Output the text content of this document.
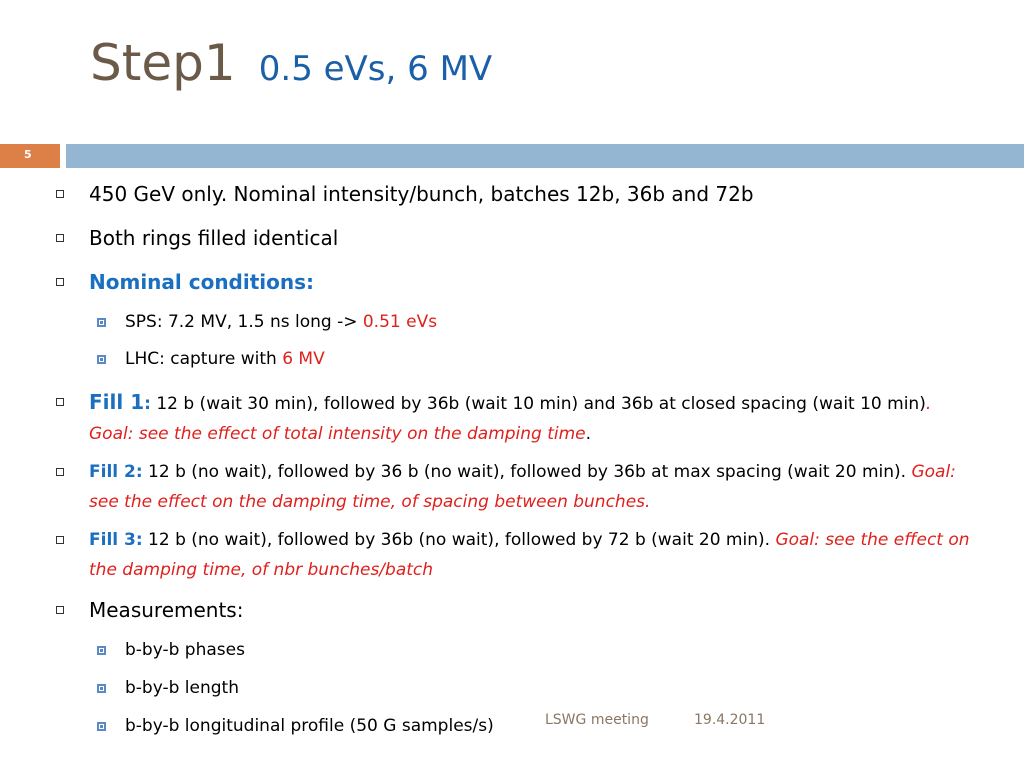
Step1 0.5 eVs, 6 MV
5
450 GeV only. Nominal intensity/bunch, batches 12b, 36b and 72b
Both rings filled identical
Nominal conditions:
SPS: 7.2 MV, 1.5 ns long -> 0.51 eVs
LHC: capture with 6 MV
Fill 1: 12 b (wait 30 min), followed by 36b (wait 10 min) and 36b at closed spacing (wait 10 min). Goal: see the effect of total intensity on the damping time.
Fill 2: 12 b (no wait), followed by 36 b (no wait), followed by 36b at max spacing (wait 20 min). Goal: see the effect on the damping time, of spacing between bunches.
Fill 3: 12 b (no wait), followed by 36b (no wait), followed by 72 b (wait 20 min). Goal: see the effect on the damping time, of nbr bunches/batch
Measurements:
b-by-b phases
b-by-b length
b-by-b longitudinal profile (50 G samples/s)	LSWG meeting	19.4.2011
